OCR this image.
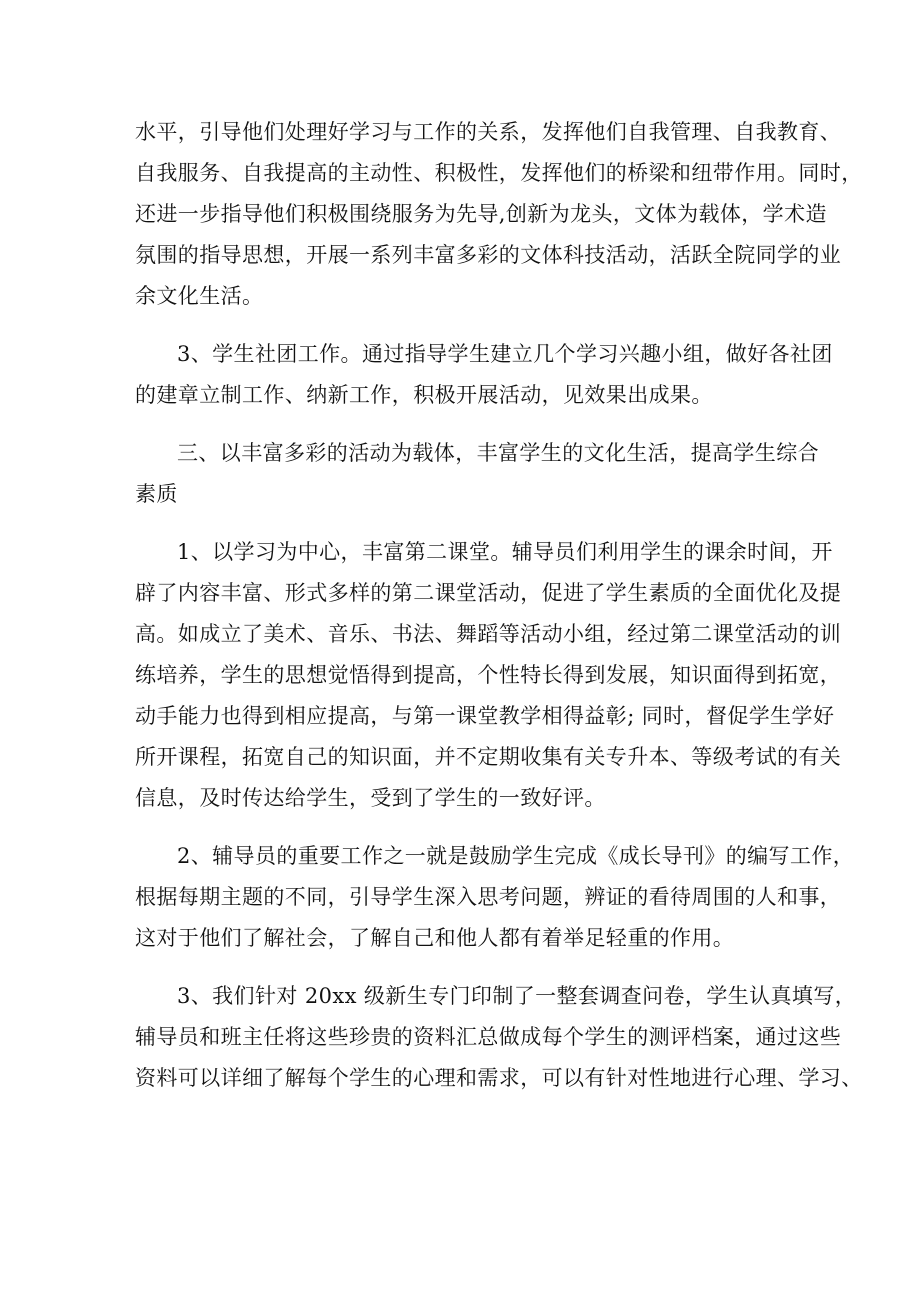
水平，引导他们处理好学习与工作的关系，发挥他们自我管理、自我教育、
自我服务、自我提高的主动性、积极性，发挥他们的桥梁和纽带作用。同时，
还进一步指导他们积极围绕服务为先导,创新为龙头，文体为载体，学术造
氛围的指导思想，开展一系列丰富多彩的文体科技活动，活跃全院同学的业
余文化生活。
3、学生社团工作。通过指导学生建立几个学习兴趣小组，做好各社团
的建章立制工作、纳新工作，积极开展活动，见效果出成果。
三、以丰富多彩的活动为载体，丰富学生的文化生活，提高学生综合
素质
1、以学习为中心，丰富第二课堂。辅导员们利用学生的课余时间，开
辟了内容丰富、形式多样的第二课堂活动，促进了学生素质的全面优化及提
高。如成立了美术、音乐、书法、舞蹈等活动小组，经过第二课堂活动的训
练培养，学生的思想觉悟得到提高，个性特长得到发展，知识面得到拓宽，
动手能力也得到相应提高，与第一课堂教学相得益彰; 同时，督促学生学好
所开课程，拓宽自己的知识面，并不定期收集有关专升本、等级考试的有关
信息，及时传达给学生，受到了学生的一致好评。
2、辅导员的重要工作之一就是鼓励学生完成《成长导刊》的编写工作，
根据每期主题的不同，引导学生深入思考问题，辨证的看待周围的人和事，
这对于他们了解社会，了解自己和他人都有着举足轻重的作用。
3、我们针对 20xx 级新生专门印制了一整套调查问卷，学生认真填写，
辅导员和班主任将这些珍贵的资料汇总做成每个学生的测评档案，通过这些
资料可以详细了解每个学生的心理和需求，可以有针对性地进行心理、学习、
